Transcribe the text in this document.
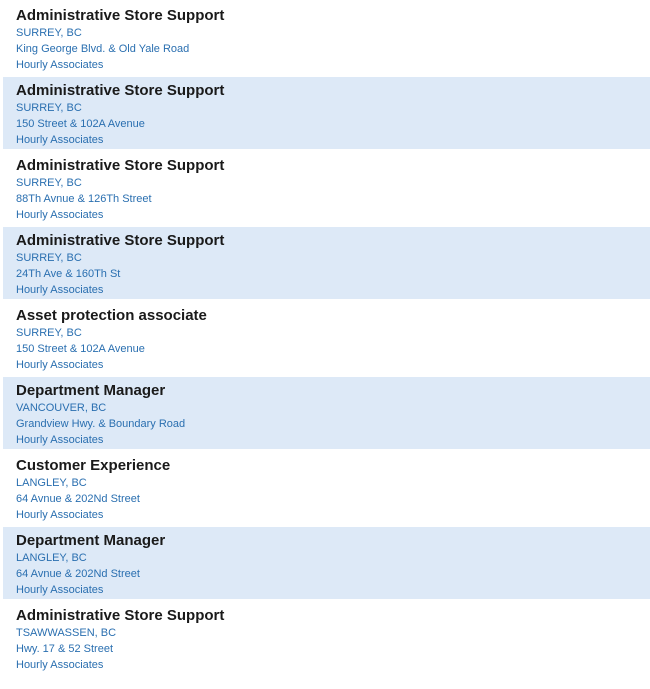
Administrative Store Support
SURREY, BC
King George Blvd. & Old Yale Road
Hourly Associates
Administrative Store Support
SURREY, BC
150 Street & 102A Avenue
Hourly Associates
Administrative Store Support
SURREY, BC
88Th Avnue & 126Th Street
Hourly Associates
Administrative Store Support
SURREY, BC
24Th Ave & 160Th St
Hourly Associates
Asset protection associate
SURREY, BC
150 Street & 102A Avenue
Hourly Associates
Department Manager
VANCOUVER, BC
Grandview Hwy. & Boundary Road
Hourly Associates
Customer Experience
LANGLEY, BC
64 Avnue & 202Nd Street
Hourly Associates
Department Manager
LANGLEY, BC
64 Avnue & 202Nd Street
Hourly Associates
Administrative Store Support
TSAWWASSEN, BC
Hwy. 17 & 52 Street
Hourly Associates
